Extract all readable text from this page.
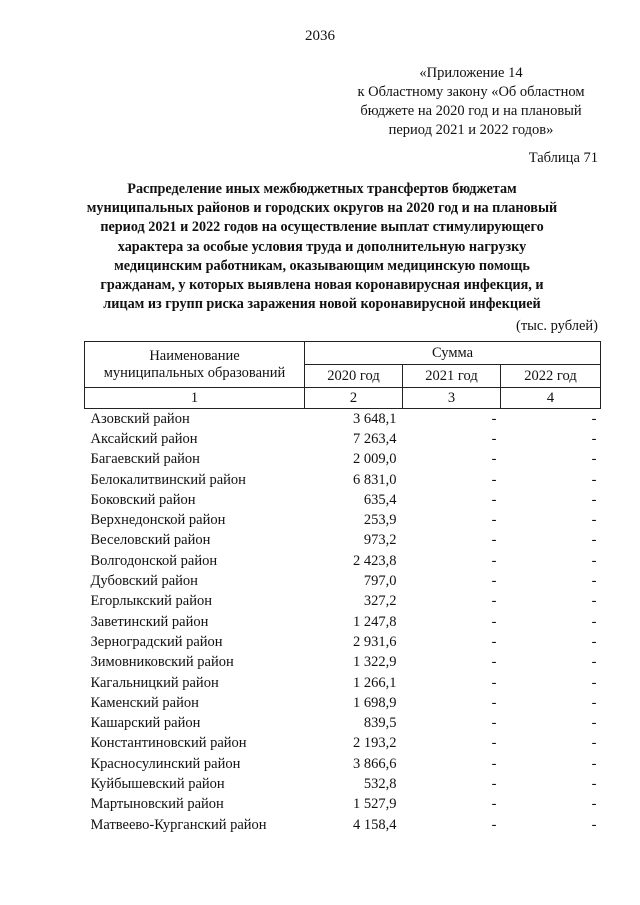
2036
«Приложение 14
к Областному закону «Об областном
бюджете на 2020 год и на плановый
период 2021 и 2022 годов»
Таблица 71
Распределение иных межбюджетных трансфертов бюджетам
муниципальных районов и городских округов на 2020 год и на плановый
период 2021 и 2022 годов на осуществление выплат стимулирующего
характера за особые условия труда и дополнительную нагрузку
медицинским работникам, оказывающим медицинскую помощь
гражданам, у которых выявлена новая коронавирусная инфекция, и
лицам из групп риска заражения новой коронавирусной инфекцией
(тыс. рублей)
Наименование
муниципальных образований	Сумма		
	2020 год	2021 год	2022 год
1	2	3	4
Азовский район	3 648,1	-	-
Аксайский район	7 263,4	-	-
Багаевский район	2 009,0	-	-
Белокалитвинский район	6 831,0	-	-
Боковский район	635,4	-	-
Верхнедонской район	253,9	-	-
Веселовский район	973,2	-	-
Волгодонской район	2 423,8	-	-
Дубовский район	797,0	-	-
Егорлыкский район	327,2	-	-
Заветинский район	1 247,8	-	-
Зерноградский район	2 931,6	-	-
Зимовниковский район	1 322,9	-	-
Кагальницкий район	1 266,1	-	-
Каменский район	1 698,9	-	-
Кашарский район	839,5	-	-
Константиновский район	2 193,2	-	-
Красносулинский район	3 866,6	-	-
Куйбышевский район	532,8	-	-
Мартыновский район	1 527,9	-	-
Матвеево-Курганский район	4 158,4	-	-
